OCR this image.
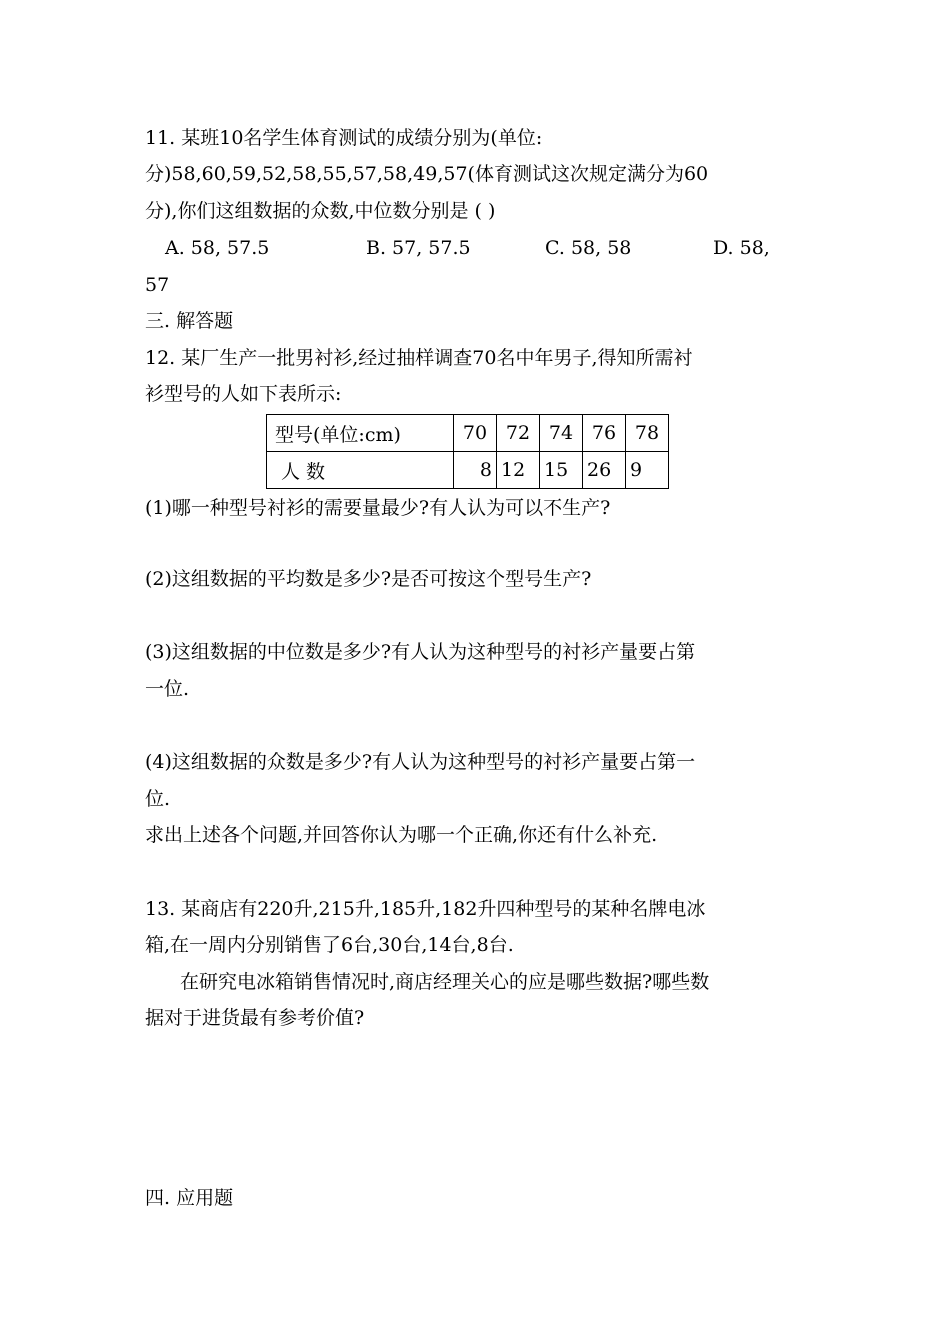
11. 某班10名学生体育测试的成绩分别为(单位:
分)58,60,59,52,58,55,57,58,49,57(体育测试这次规定满分为60
分),你们这组数据的众数,中位数分别是 ( )
A. 58, 57.5	B. 57, 57.5	C. 58, 58	D. 58,
57
三. 解答题
12. 某厂生产一批男衬衫,经过抽样调查70名中年男子,得知所需衬
衫型号的人如下表所示:
型号(单位:cm)	70	72	74	76	78
人 数	8	12	15	26	9
(1)哪一种型号衬衫的需要量最少?有人认为可以不生产?
(2)这组数据的平均数是多少?是否可按这个型号生产?
(3)这组数据的中位数是多少?有人认为这种型号的衬衫产量要占第
一位.
(4)这组数据的众数是多少?有人认为这种型号的衬衫产量要占第一
位.
求出上述各个问题,并回答你认为哪一个正确,你还有什么补充.
13. 某商店有220升,215升,185升,182升四种型号的某种名牌电冰
箱,在一周内分别销售了6台,30台,14台,8台.
在研究电冰箱销售情况时,商店经理关心的应是哪些数据?哪些数
据对于进货最有参考价值?
四. 应用题
